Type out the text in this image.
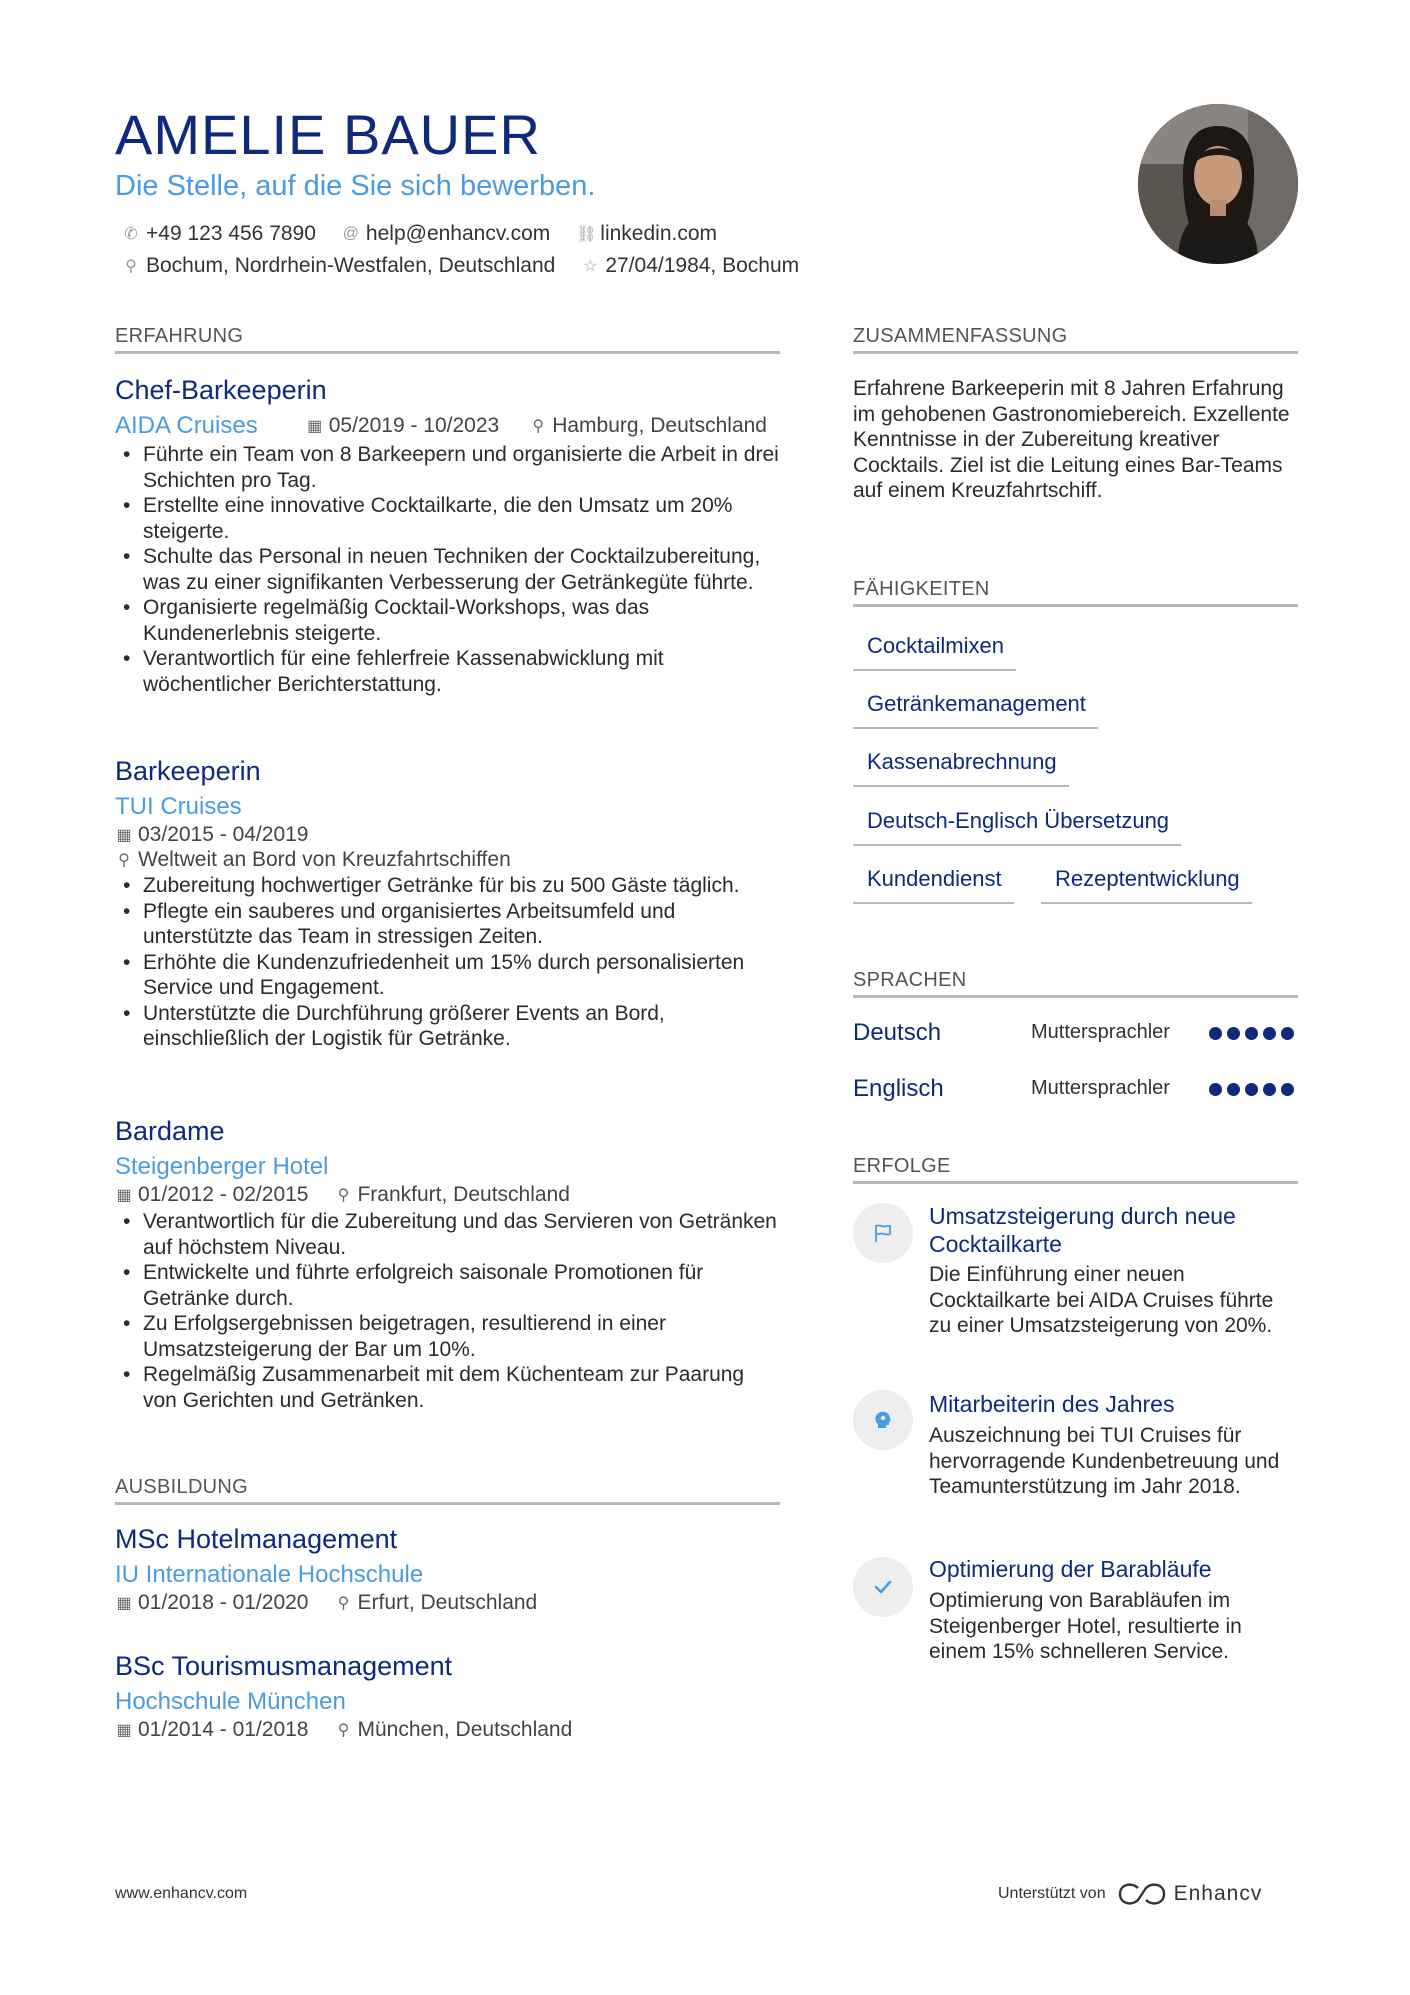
AMELIE BAUER
Die Stelle, auf die Sie sich bewerben.
✆ +49 123 456 7890 @ help@enhancv.com ⛓ linkedin.com
⚲ Bochum, Nordrhein-Westfalen, Deutschland ☆ 27/04/1984, Bochum
ERFAHRUNG
Chef-Barkeeperin
AIDA Cruises	▦ 05/2019 - 10/2023 ⚲ Hamburg, Deutschland
• Führte ein Team von 8 Barkeepern und organisierte die Arbeit in drei Schichten pro Tag.
• Erstellte eine innovative Cocktailkarte, die den Umsatz um 20% steigerte.
• Schulte das Personal in neuen Techniken der Cocktailzubereitung, was zu einer signifikanten Verbesserung der Getränkegüte führte.
• Organisierte regelmäßig Cocktail-Workshops, was das Kundenerlebnis steigerte.
• Verantwortlich für eine fehlerfreie Kassenabwicklung mit wöchentlicher Berichterstattung.
Barkeeperin
TUI Cruises
▦ 03/2015 - 04/2019
⚲ Weltweit an Bord von Kreuzfahrtschiffen
• Zubereitung hochwertiger Getränke für bis zu 500 Gäste täglich.
• Pflegte ein sauberes und organisiertes Arbeitsumfeld und unterstützte das Team in stressigen Zeiten.
• Erhöhte die Kundenzufriedenheit um 15% durch personalisierten Service und Engagement.
• Unterstützte die Durchführung größerer Events an Bord, einschließlich der Logistik für Getränke.
Bardame
Steigenberger Hotel
▦ 01/2012 - 02/2015 ⚲ Frankfurt, Deutschland
• Verantwortlich für die Zubereitung und das Servieren von Getränken auf höchstem Niveau.
• Entwickelte und führte erfolgreich saisonale Promotionen für Getränke durch.
• Zu Erfolgsergebnissen beigetragen, resultierend in einer Umsatzsteigerung der Bar um 10%.
• Regelmäßig Zusammenarbeit mit dem Küchenteam zur Paarung von Gerichten und Getränken.
AUSBILDUNG
MSc Hotelmanagement
IU Internationale Hochschule
▦ 01/2018 - 01/2020 ⚲ Erfurt, Deutschland
BSc Tourismusmanagement
Hochschule München
▦ 01/2014 - 01/2018 ⚲ München, Deutschland
ZUSAMMENFASSUNG
Erfahrene Barkeeperin mit 8 Jahren Erfahrung im gehobenen Gastronomiebereich. Exzellente Kenntnisse in der Zubereitung kreativer Cocktails. Ziel ist die Leitung eines Bar-Teams auf einem Kreuzfahrtschiff.
FÄHIGKEITEN
Cocktailmixen
Getränkemanagement
Kassenabrechnung
Deutsch-Englisch Übersetzung
Kundendienst	Rezeptentwicklung
SPRACHEN
Deutsch	Muttersprachler
Englisch	Muttersprachler
ERFOLGE
Umsatzsteigerung durch neue Cocktailkarte
Die Einführung einer neuen Cocktailkarte bei AIDA Cruises führte zu einer Umsatzsteigerung von 20%.
Mitarbeiterin des Jahres
Auszeichnung bei TUI Cruises für hervorragende Kundenbetreuung und Teamunterstützung im Jahr 2018.
Optimierung der Barabläufe
Optimierung von Barabläufen im Steigenberger Hotel, resultierte in einem 15% schnelleren Service.
www.enhancv.com	Unterstützt von	Enhancv
